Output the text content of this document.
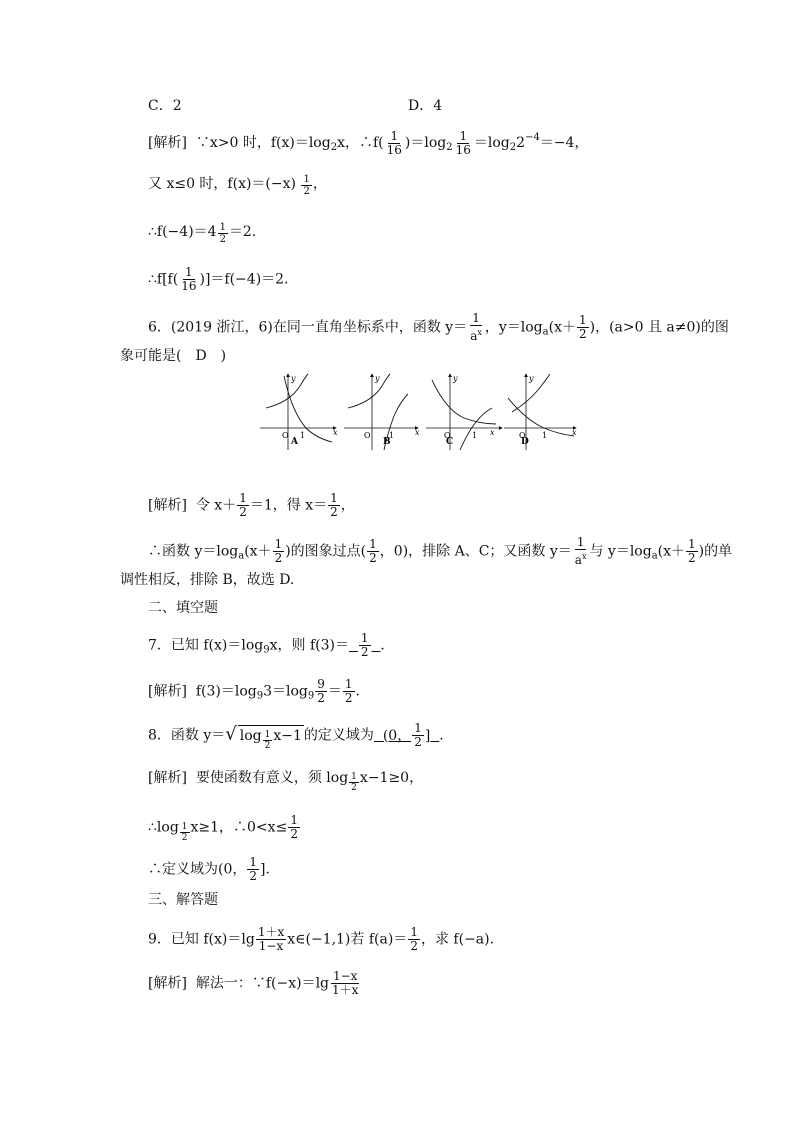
C．2	D．4
[解析] ∵x>0 时，$f(x)=\log_2x$，∴f( $\frac{1}{16} )=\log_2 \frac{1}{16} =\log_22^{-4}=-4$，
又 x≤0 时，$f(x)=(-x) \frac{1}{2}$ ，
∴f(−4)＝4 $\frac{1}{2} =2$.
∴f[f( $\frac{1}{16} )]=f(-4)=2$.
6．(2019 浙江，6)在同一直角坐标系中，函数 $y= \frac{1}{a^x}$ ，$y=\log_a(x+ \frac{1}{2}$ )，(a>0 且 a≠0)的图
象可能是(　D　)
O 1
y
x	O 1
y
x	O	1
y
x	O 1
y
x
A	B	C	D
[解析] 令 $x+ \frac{1}{2} =1$，得 $x= \frac{1}{2}$ ，
∴函数 $y=\log_a(x+ \frac{1}{2}$ )的图象过点( $\frac{1}{2}$ ，0)，排除 A、C；又函数 $y= \frac{1}{a^x}$ 与 $y=\log_a(x+ \frac{1}{2}$ )的单
调性相反，排除 B，故选 D.
二、填空题
7．已知 $f(x)=\log_9x$，则 $f(3)= \frac{1}{2}$ .
[解析] $f(3)=\log_93=\log_9 \frac{9}{2} = \frac{1}{2}$ .
8．函数 y＝√ log $_{\frac{1}{2}}$ x−1 的定义域为 (0， $\frac{1}{2}$ ] .
[解析] 要使函数有意义，须 log $_{\frac{1}{2}}$ x−1≥0，
∴log $_{\frac{1}{2}}$ x≥1，∴0<x≤ $\frac{1}{2}$
∴定义域为(0， $\frac{1}{2}$ ].
三、解答题
9．已知 $f(x)=\lg \frac{1+x}{1-x}$ x∈(−1,1)若 $f(a)= \frac{1}{2}$ ，求 f(−a).
[解析] 解法一：∵f(−x)＝lg $\frac{1-x}{1+x}$
